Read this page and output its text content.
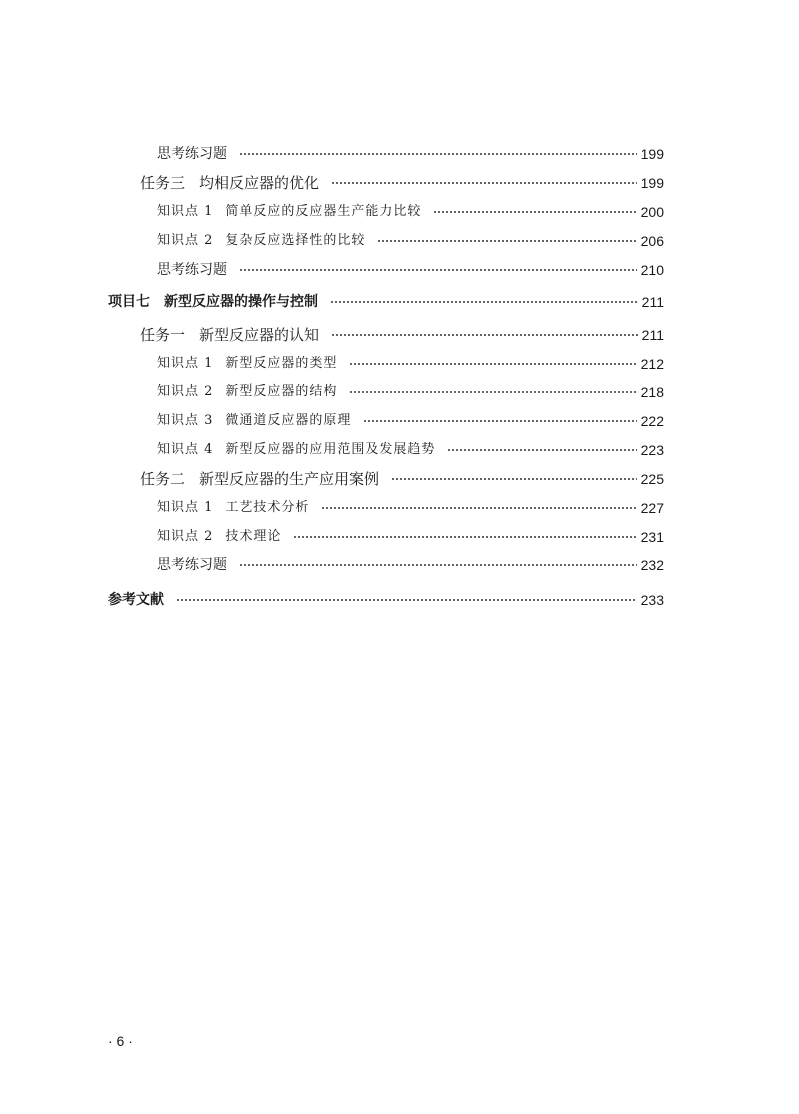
思考练习题	199
任务三 均相反应器的优化	199
知识点 1 简单反应的反应器生产能力比较	200
知识点 2 复杂反应选择性的比较	206
思考练习题	210
项目七 新型反应器的操作与控制	211
任务一 新型反应器的认知	211
知识点 1 新型反应器的类型	212
知识点 2 新型反应器的结构	218
知识点 3 微通道反应器的原理	222
知识点 4 新型反应器的应用范围及发展趋势	223
任务二 新型反应器的生产应用案例	225
知识点 1 工艺技术分析	227
知识点 2 技术理论	231
思考练习题	232
参考文献	233
· 6 ·
